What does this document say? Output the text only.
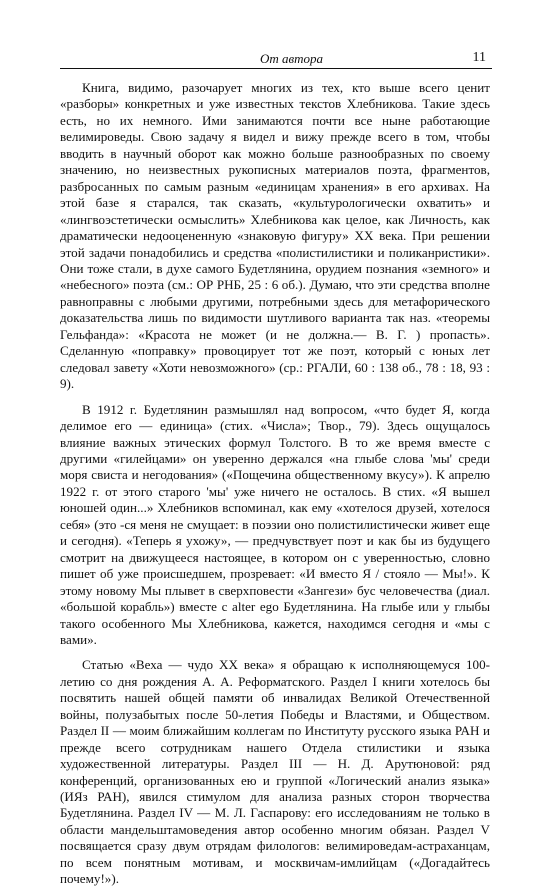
От автора	11

Книга, видимо, разочарует многих из тех, кто выше всего ценит «разборы» конкретных и уже известных текстов Хлебникова. Такие здесь есть, но их немного. Ими занимаются почти все ныне работающие велимироведы. Свою задачу я видел и вижу прежде всего в том, чтобы вводить в научный оборот как можно больше разнообразных по своему значению, но неизвестных рукописных материалов поэта, фрагментов, разбросанных по самым разным «единицам хранения» в его архивах. На этой базе я старался, так сказать, «культурологически охватить» и «лингвоэстетически осмыслить» Хлебникова как целое, как Личность, как драматически недооцененную «знаковую фигуру» XX века. При решении этой задачи понадобились и средства «полистилистики и поликанристики». Они тоже стали, в духе самого Будетлянина, орудием познания «земного» и «небесного» поэта (см.: ОР РНБ, 25 : 6 об.). Думаю, что эти средства вполне равноправны с любыми другими, потребными здесь для метафорического доказательства лишь по видимости шутливого варианта так наз. «теоремы Гельфанда»: «Красота не может (и не должна.— В. Г. ) пропасть». Сделанную «поправку» провоцирует тот же поэт, который с юных лет следовал завету «Хоти невозможного» (ср.: РГАЛИ, 60 : 138 об., 78 : 18, 93 : 9).

В 1912 г. Будетлянин размышлял над вопросом, «что будет Я, когда делимое его — единица» (стих. «Числа»; Твор., 79). Здесь ощущалось влияние важных этических формул Толстого. В то же время вместе с другими «гилейцами» он уверенно держался «на глыбе слова 'мы' среди моря свиста и негодования» («Пощечина общественному вкусу»). К апрелю 1922 г. от этого старого 'мы' уже ничего не осталось. В стих. «Я вышел юношей один...» Хлебников вспоминал, как ему «хотелося друзей, хотелося себя» (это -ся меня не смущает: в поэзии оно полистилистически живет еще и сегодня). «Теперь я ухожу», — предчувствует поэт и как бы из будущего смотрит на движущееся настоящее, в котором он с уверенностью, словно пишет об уже происшедшем, прозревает: «И вместо Я / стояло — Мы!». К этому новому Мы плывет в сверхповести «Зангези» бус человечества (диал. «большой корабль») вместе с alter ego Будетлянина. На глыбе или у глыбы такого особенного Мы Хлебникова, кажется, находимся сегодня и «мы с вами».

Статью «Веха — чудо XX века» я обращаю к исполняющемуся 100-летию со дня рождения А. А. Реформатского. Раздел I книги хотелось бы посвятить нашей общей памяти об инвалидах Великой Отечественной войны, полузабытых после 50-летия Победы и Властями, и Обществом. Раздел II — моим ближайшим коллегам по Институту русского языка РАН и прежде всего сотрудникам нашего Отдела стилистики и языка художественной литературы. Раздел III — Н. Д. Арутюновой: ряд конференций, организованных ею и группой «Логический анализ языка» (ИЯз РАН), явился стимулом для анализа разных сторон творчества Будетлянина. Раздел IV — М. Л. Гаспарову: его исследованиям не только в области мандельштамоведения автор особенно многим обязан. Раздел V посвящается сразу двум отрядам филологов: велимироведам-астраханцам, по всем понятным мотивам, и москвичам-имлийцам («Догадайтесь почему!»).
